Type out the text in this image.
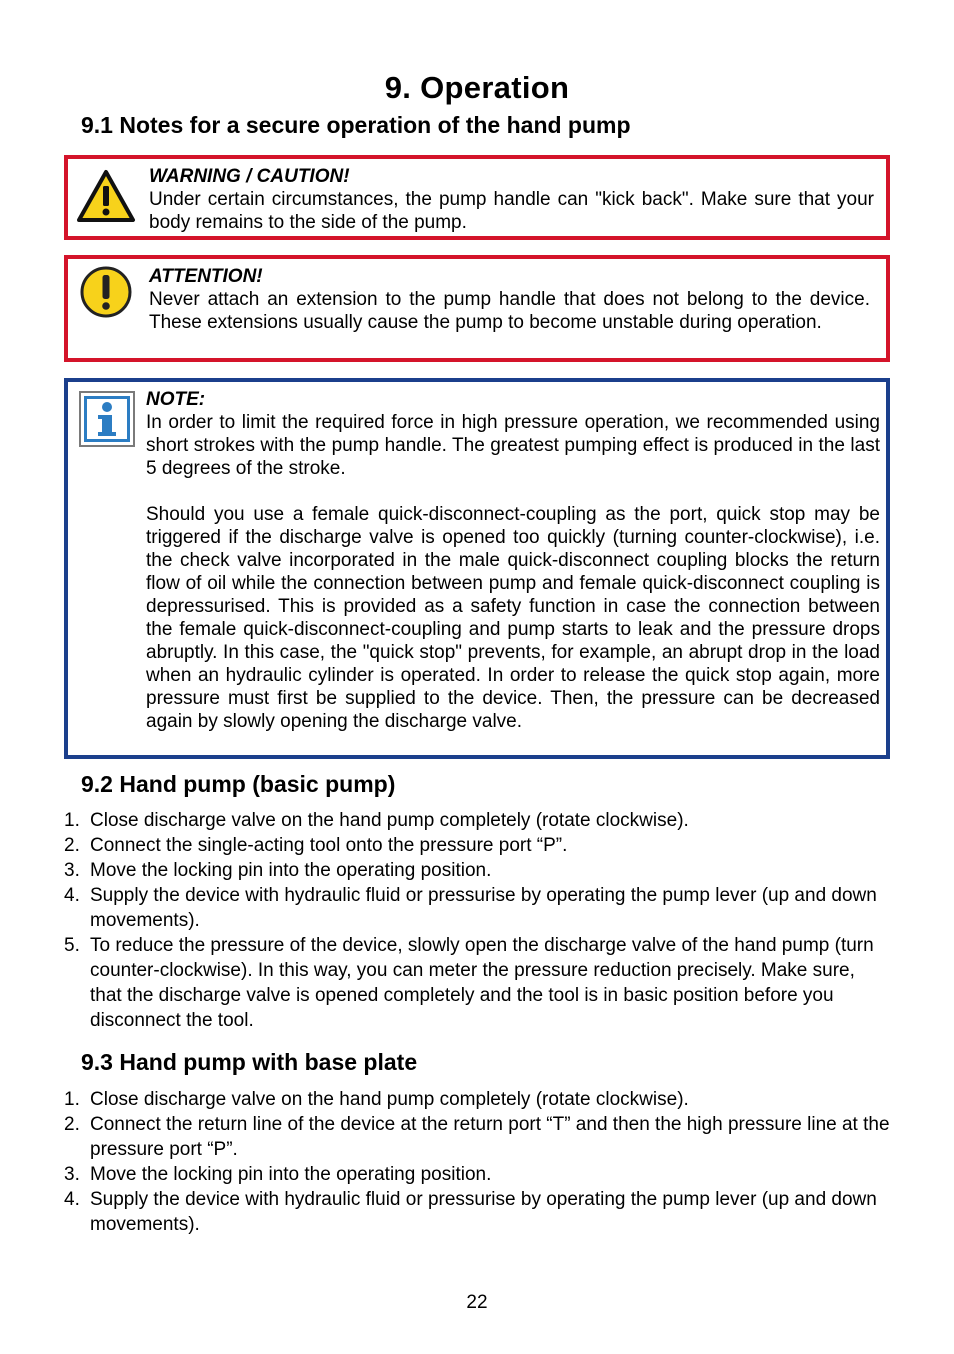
9. Operation
9.1 Notes for a secure operation of the hand pump
WARNING / CAUTION!
Under certain circumstances, the pump handle can "kick back". Make sure that your body remains to the side of the pump.
ATTENTION!
Never attach an extension to the pump handle that does not belong to the device. These extensions usually cause the pump to become unstable during operation.
NOTE:
In order to limit the required force in high pressure operation, we recommended using short strokes with the pump handle. The greatest pumping effect is produced in the last 5 degrees of the stroke.
Should you use a female quick-disconnect-coupling as the port, quick stop may be triggered if the discharge valve is opened too quickly (turning counter-clockwise), i.e. the check valve incorporated in the male quick-disconnect coupling blocks the return flow of oil while the connection between pump and female quick-disconnect coupling is depressurised. This is provided as a safety function in case the connection between the female quick-disconnect-coupling and pump starts to leak and the pressure drops abruptly. In this case, the "quick stop" prevents, for example, an abrupt drop in the load when an hydraulic cylinder is operated. In order to release the quick stop again, more pressure must first be supplied to the device. Then, the pressure can be decreased again by slowly opening the discharge valve.
9.2 Hand pump (basic pump)
1. Close discharge valve on the hand pump completely (rotate clockwise).
2. Connect the single-acting tool onto the pressure port “P”.
3. Move the locking pin into the operating position.
4. Supply the device with hydraulic fluid or pressurise by operating the pump lever (up and down movements).
5. To reduce the pressure of the device, slowly open the discharge valve of the hand pump (turn counter-clockwise). In this way, you can meter the pressure reduction precisely. Make sure, that the discharge valve is opened completely and the tool is in basic position before you disconnect the tool.
9.3 Hand pump with base plate
1. Close discharge valve on the hand pump completely (rotate clockwise).
2. Connect the return line of the device at the return port “T” and then the high pressure line at the pressure port “P”.
3. Move the locking pin into the operating position.
4. Supply the device with hydraulic fluid or pressurise by operating the pump lever (up and down movements).
22
